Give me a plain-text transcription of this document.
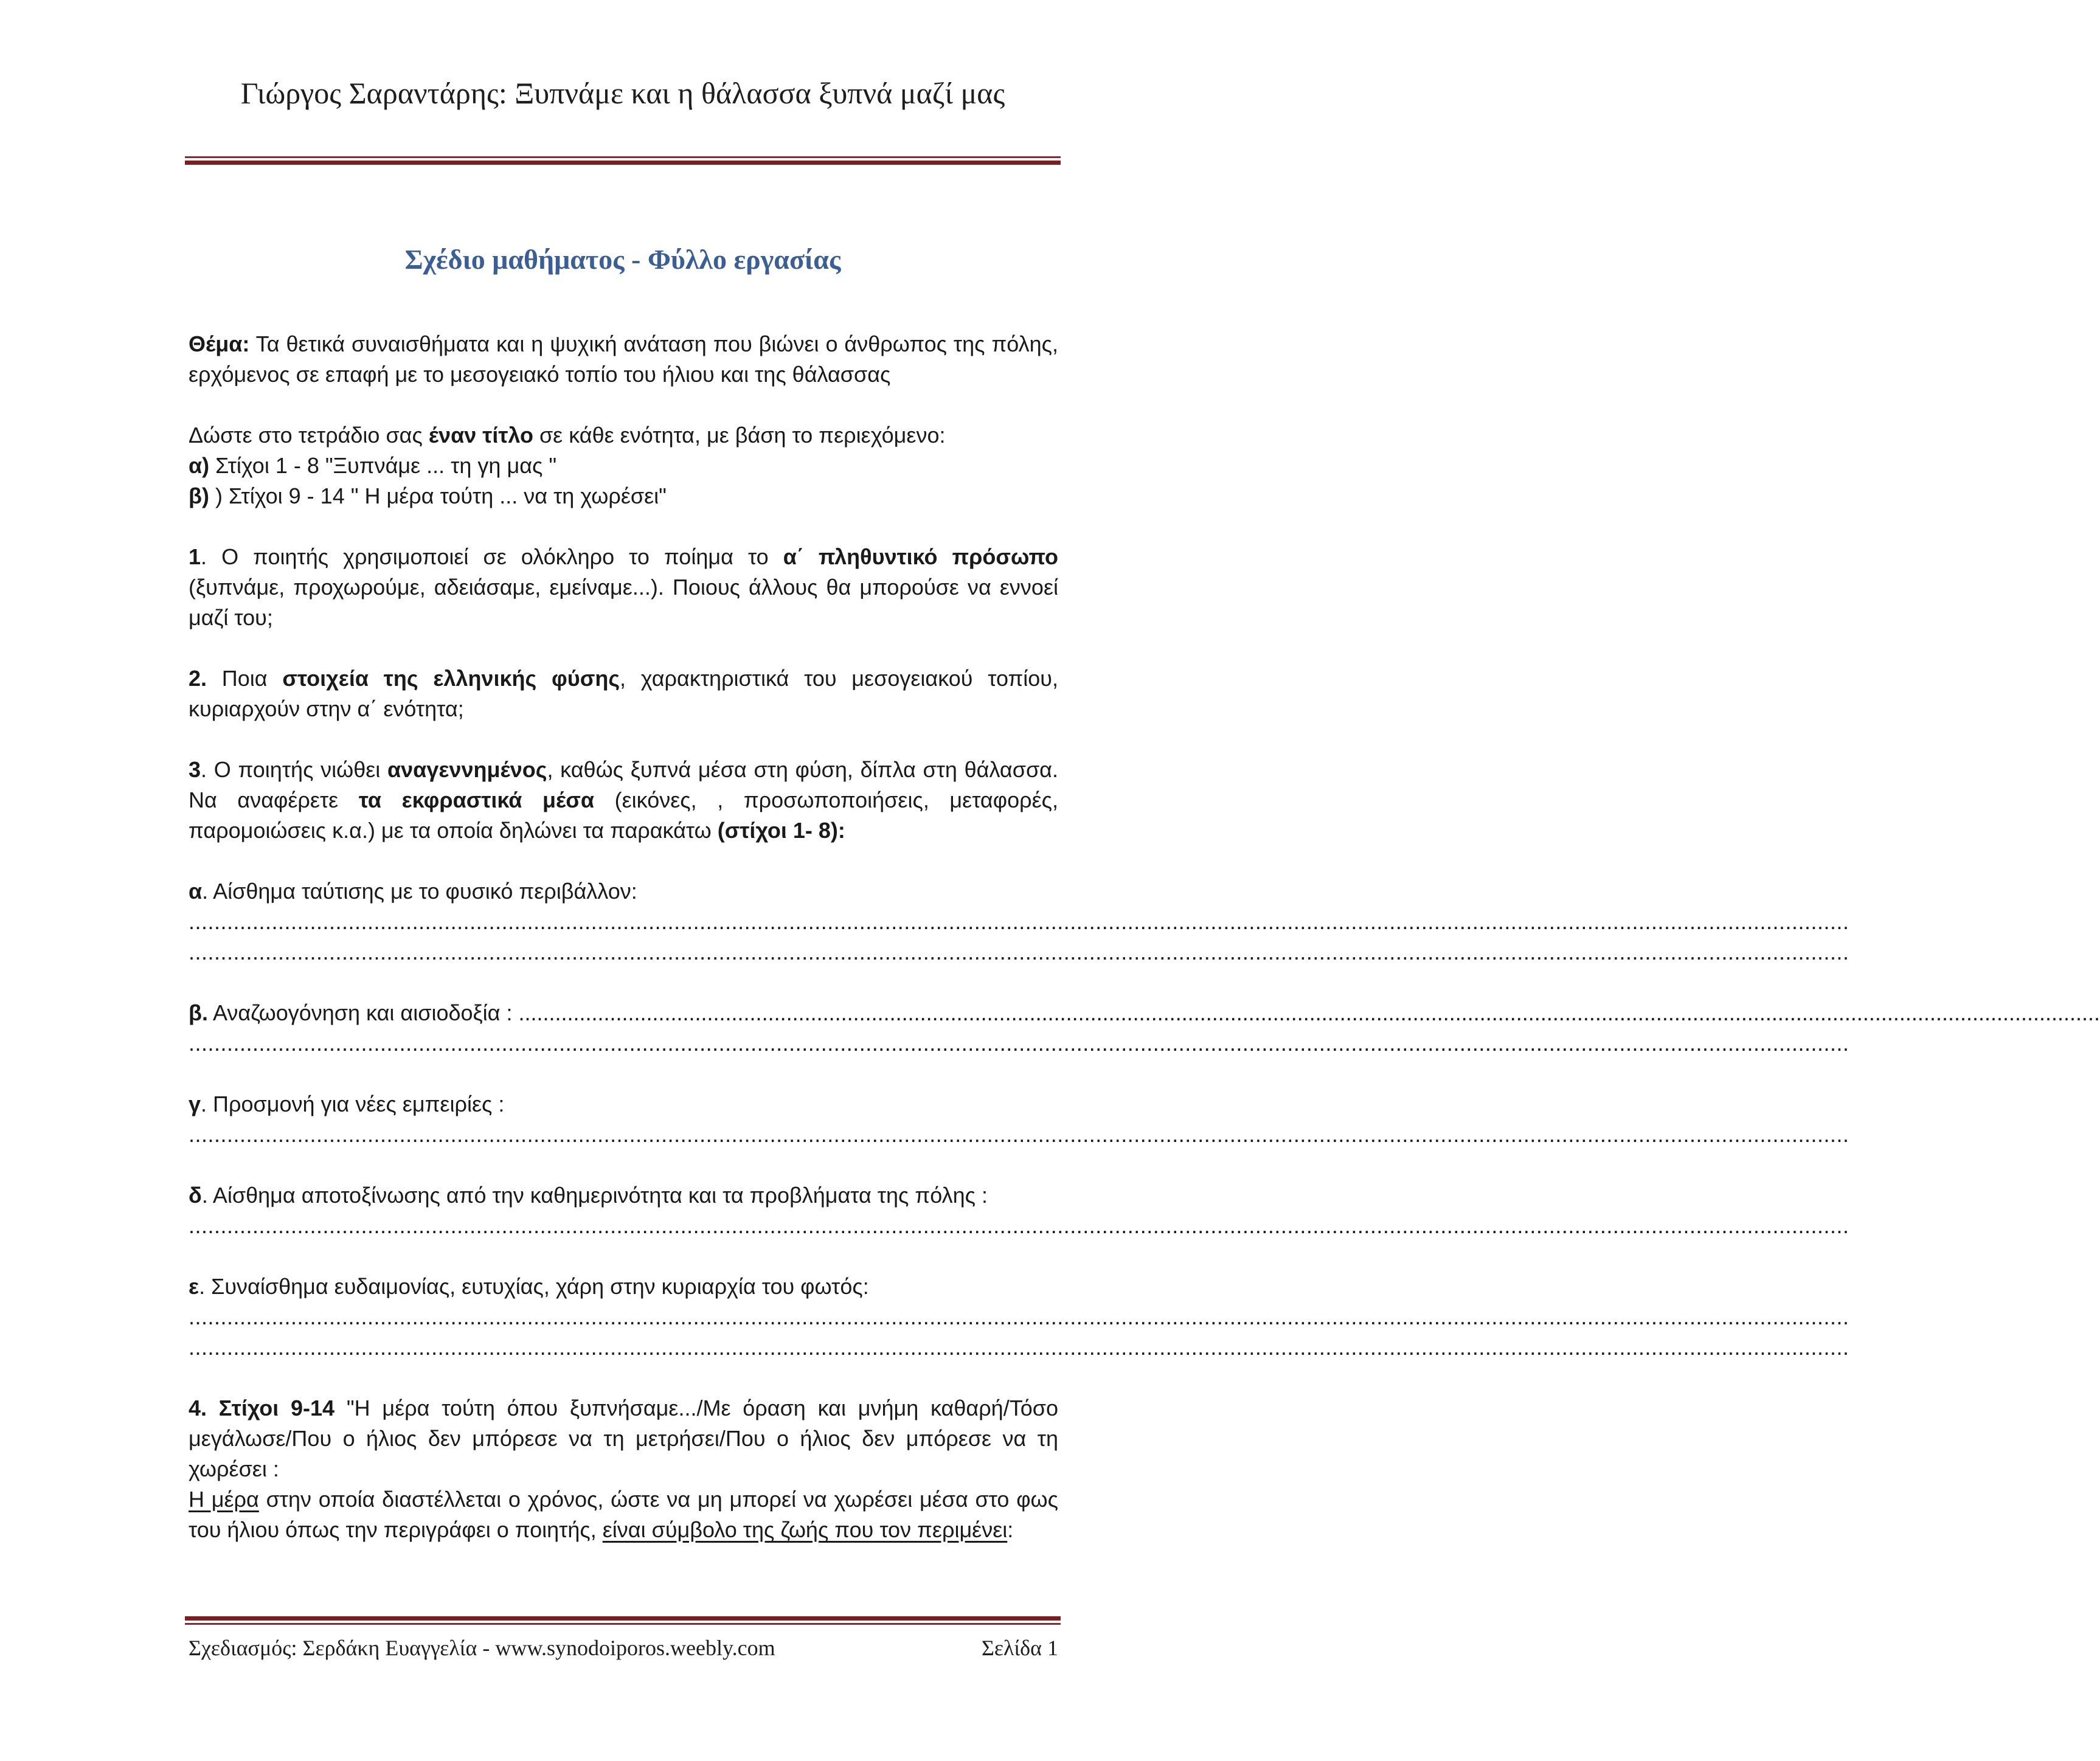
Γιώργος Σαραντάρης: Ξυπνάμε και η θάλασσα ξυπνά μαζί μας
Σχέδιο μαθήματος - Φύλλο εργασίας

Θέμα: Τα θετικά συναισθήματα και η ψυχική ανάταση που βιώνει ο άνθρωπος της πόλης, ερχόμενος σε επαφή με το μεσογειακό τοπίο του ήλιου και της θάλασσας

Δώστε στο τετράδιο σας έναν τίτλο σε κάθε ενότητα, με βάση το περιεχόμενο:

α) Στίχοι 1 - 8 "Ξυπνάμε ... τη γη μας "

β) ) Στίχοι 9 - 14 " Η μέρα τούτη ... να τη χωρέσει"

1. Ο ποιητής χρησιμοποιεί σε ολόκληρο το ποίημα το α΄ πληθυντικό πρόσωπο (ξυπνάμε, προχωρούμε, αδειάσαμε, εμείναμε...). Ποιους άλλους θα μπορούσε να εννοεί μαζί του;

2. Ποια στοιχεία της ελληνικής φύσης, χαρακτηριστικά του μεσογειακού τοπίου, κυριαρχούν στην α΄ ενότητα;

3. Ο ποιητής νιώθει αναγεννημένος, καθώς ξυπνά μέσα στη φύση, δίπλα στη θάλασσα. Να αναφέρετε τα εκφραστικά μέσα (εικόνες, , προσωποποιήσεις, μεταφορές, παρομοιώσεις κ.α.) με τα οποία δηλώνει τα παρακάτω (στίχοι 1- 8):

α. Αίσθημα ταύτισης με το φυσικό περιβάλλον:

....................................................................................................................................................................................................................................................................

....................................................................................................................................................................................................................................................................

β. Αναζωογόνηση και αισιοδοξία : ....................................................................................................................................................................................................................................................................

....................................................................................................................................................................................................................................................................

γ. Προσμονή για νέες εμπειρίες :

....................................................................................................................................................................................................................................................................

δ. Αίσθημα αποτοξίνωσης από την καθημερινότητα και τα προβλήματα της πόλης :

....................................................................................................................................................................................................................................................................

ε. Συναίσθημα ευδαιμονίας, ευτυχίας, χάρη στην κυριαρχία του φωτός:

....................................................................................................................................................................................................................................................................

....................................................................................................................................................................................................................................................................

4. Στίχοι 9-14 "Η μέρα τούτη όπου ξυπνήσαμε.../Με όραση και μνήμη καθαρή/Τόσο μεγάλωσε/Που ο ήλιος δεν μπόρεσε να τη μετρήσει/Που ο ήλιος δεν μπόρεσε να τη χωρέσει :

Η μέρα στην οποία διαστέλλεται ο χρόνος, ώστε να μη μπορεί να χωρέσει μέσα στο φως του ήλιου όπως την περιγράφει ο ποιητής, είναι σύμβολο της ζωής που τον περιμένει:

Σχεδιασμός: Σερδάκη Ευαγγελία - www.synodoiporos.weebly.com	Σελίδα 1
